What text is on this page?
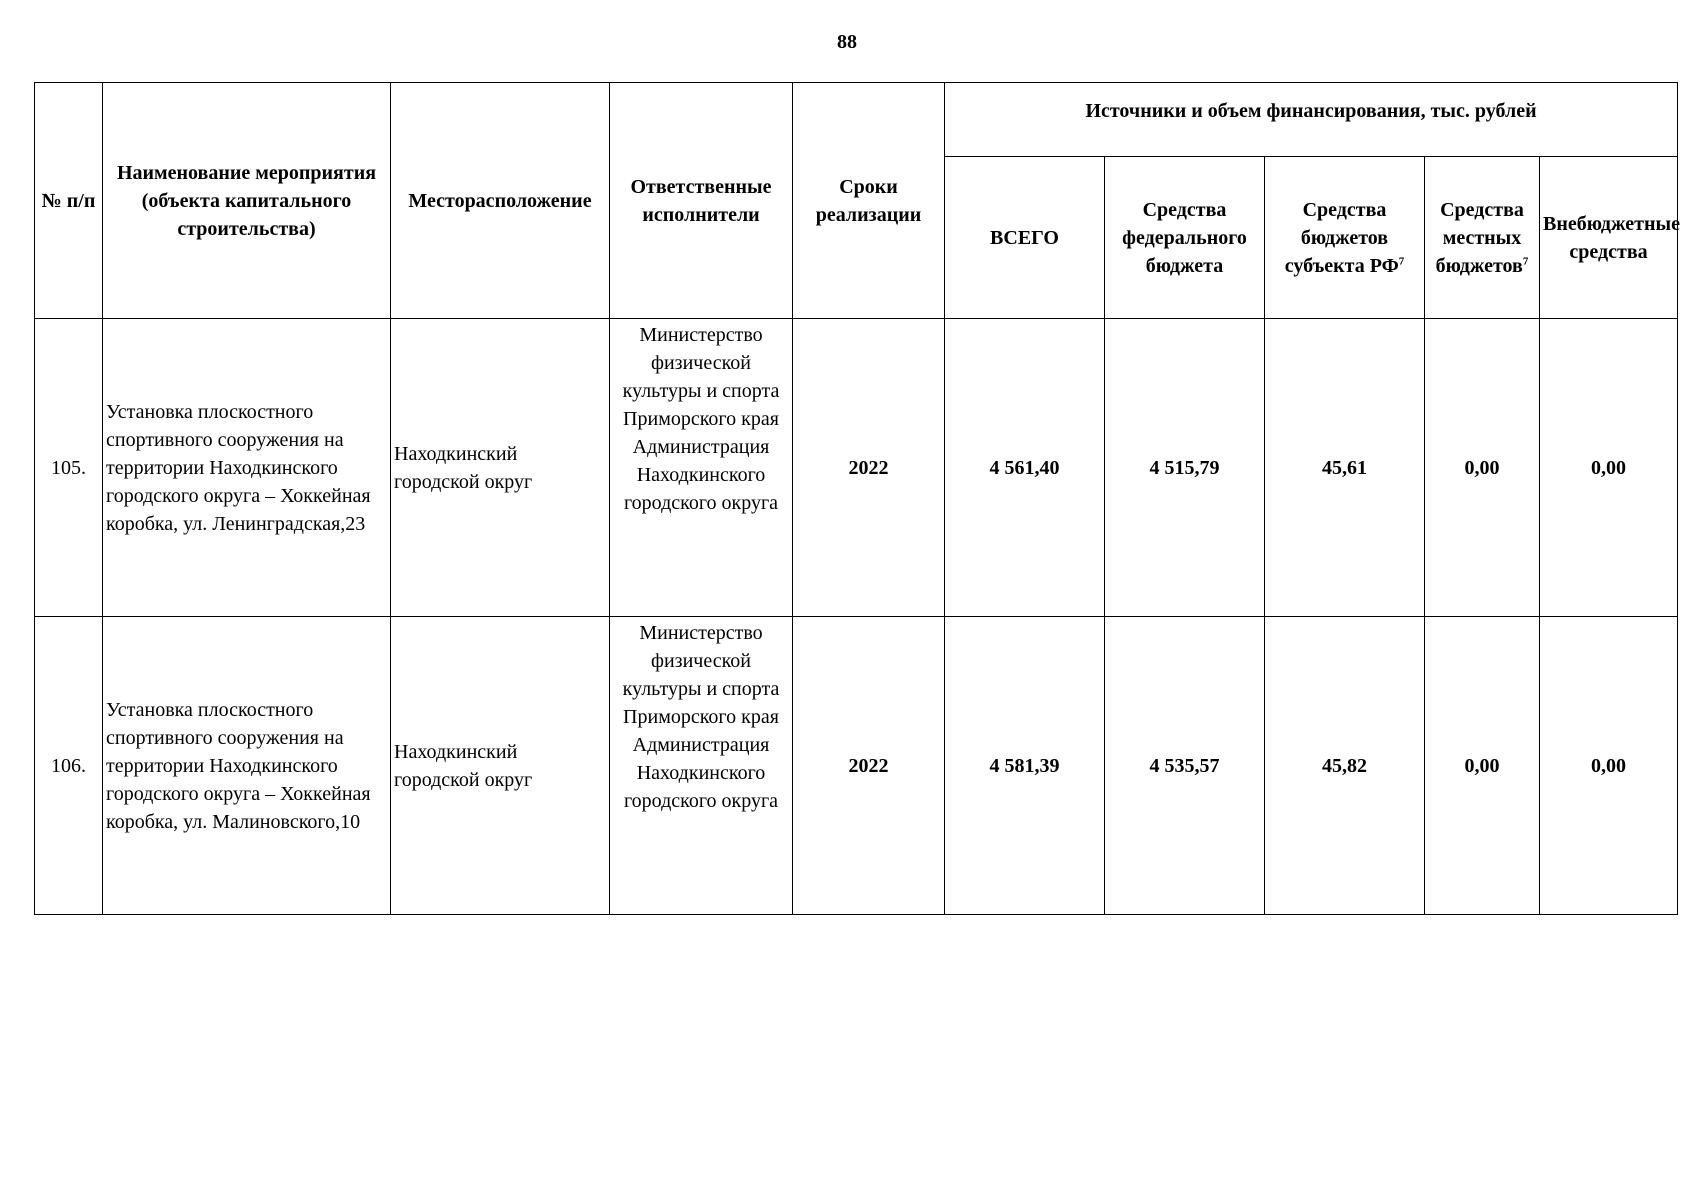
88
№ п/п	Наименование мероприятия (объекта капитального строительства)	Месторасположение	Ответственные исполнители	Сроки реализации	Источники и объем финансирования, тыс. рублей				
					ВСЕГО	Средства федерального бюджета	Средства бюджетов субъекта $РФ^7$	Средства местных бюджетов$^7$	Внебюджетные средства
105.	Установка плоскостного спортивного сооружения на территории Находкинского городского округа – Хоккейная коробка, ул. Ленинградская,23	Находкинский городской округ	Министерство физической культуры и спорта Приморского края Администрация Находкинского городского округа	2022	4 561,40	4 515,79	45,61	0,00	0,00
106.	Установка плоскостного спортивного сооружения на территории Находкинского городского округа – Хоккейная коробка, ул. Малиновского,10	Находкинский городской округ	Министерство физической культуры и спорта Приморского края Администрация Находкинского городского округа	2022	4 581,39	4 535,57	45,82	0,00	0,00
